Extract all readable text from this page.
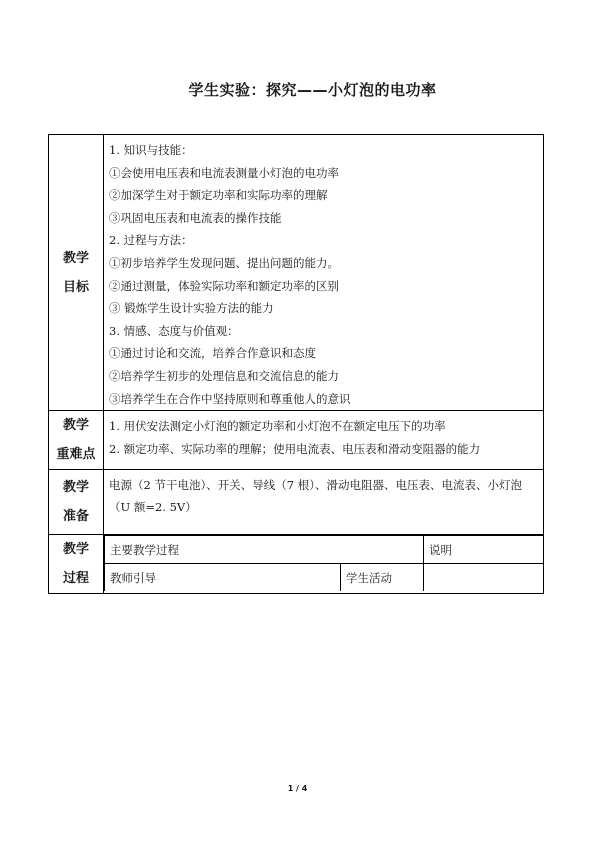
学生实验：探究——小灯泡的电功率
教学
目标

1. 知识与技能：
①会使用电压表和电流表测量小灯泡的电功率
②加深学生对于额定功率和实际功率的理解
③巩固电压表和电流表的操作技能
2. 过程与方法：
①初步培养学生发现问题、提出问题的能力。
②通过测量，体验实际功率和额定功率的区别
③ 锻炼学生设计实验方法的能力
3. 情感、态度与价值观：
①通过讨论和交流，培养合作意识和态度
②培养学生初步的处理信息和交流信息的能力
③培养学生在合作中坚持原则和尊重他人的意识

教学
重难点

1. 用伏安法测定小灯泡的额定功率和小灯泡不在额定电压下的功率
2. 额定功率、实际功率的理解；使用电流表、电压表和滑动变阻器的能力

教学
准备

电源（2 节干电池）、开关、导线（7 根）、滑动电阻器、电压表、电流表、小灯泡
（U 额=2. 5V）

教学
过程

主要教学过程	说明
教师引导	学生活动	
1 / 4
